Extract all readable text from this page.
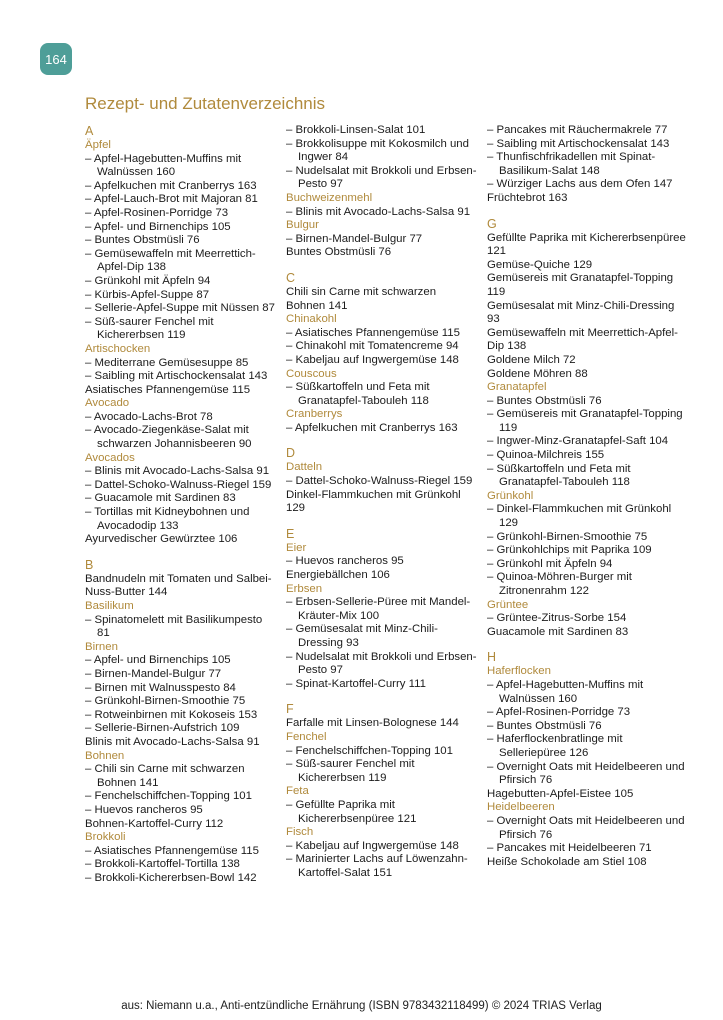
164
Rezept- und Zutatenverzeichnis
A
Äpfel
– Apfel-Hagebutten-Muffins mit Walnüssen 160
– Apfelkuchen mit Cranberrys 163
– Apfel-Lauch-Brot mit Majoran 81
– Apfel-Rosinen-Porridge 73
– Apfel- und Birnenchips 105
– Buntes Obstmüsli 76
– Gemüsewaffeln mit Meerrettich-Apfel-Dip 138
– Grünkohl mit Äpfeln 94
– Kürbis-Apfel-Suppe 87
– Sellerie-Apfel-Suppe mit Nüssen 87
– Süß-saurer Fenchel mit Kichererbsen 119
Artischocken
– Mediterrane Gemüsesuppe 85
– Saibling mit Artischockensalat 143
Asiatisches Pfannengemüse 115
Avocado
– Avocado-Lachs-Brot 78
– Avocado-Ziegenkäse-Salat mit schwarzen Johannisbeeren 90
Avocados
– Blinis mit Avocado-Lachs-Salsa 91
– Dattel-Schoko-Walnuss-Riegel 159
– Guacamole mit Sardinen 83
– Tortillas mit Kidneybohnen und Avocadodip 133
Ayurvedischer Gewürztee 106
B
Bandnudeln mit Tomaten und Salbei-Nuss-Butter 144
Basilikum
– Spinatomelett mit Basilikumpesto 81
Birnen
– Apfel- und Birnenchips 105
– Birnen-Mandel-Bulgur 77
– Birnen mit Walnusspesto 84
– Grünkohl-Birnen-Smoothie 75
– Rotweinbirnen mit Kokoseis 153
– Sellerie-Birnen-Aufstrich 109
Blinis mit Avocado-Lachs-Salsa 91
Bohnen
– Chili sin Carne mit schwarzen Bohnen 141
– Fenchelschiffchen-Topping 101
– Huevos rancheros 95
Bohnen-Kartoffel-Curry 112
Brokkoli
– Asiatisches Pfannengemüse 115
– Brokkoli-Kartoffel-Tortilla 138
– Brokkoli-Kichererbsen-Bowl 142
– Brokkoli-Linsen-Salat 101
– Brokkolisuppe mit Kokosmilch und Ingwer 84
– Nudelsalat mit Brokkoli und Erbsen-Pesto 97
Buchweizenmehl
– Blinis mit Avocado-Lachs-Salsa 91
Bulgur
– Birnen-Mandel-Bulgur 77
Buntes Obstmüsli 76
C
Chili sin Carne mit schwarzen Bohnen 141
Chinakohl
– Asiatisches Pfannengemüse 115
– Chinakohl mit Tomatencreme 94
– Kabeljau auf Ingwergemüse 148
Couscous
– Süßkartoffeln und Feta mit Granatapfel-Tabouleh 118
Cranberrys
– Apfelkuchen mit Cranberrys 163
D
Datteln
– Dattel-Schoko-Walnuss-Riegel 159
Dinkel-Flammkuchen mit Grünkohl 129
E
Eier
– Huevos rancheros 95
Energiebällchen 106
Erbsen
– Erbsen-Sellerie-Püree mit Mandel-Kräuter-Mix 100
– Gemüsesalat mit Minz-Chili-Dressing 93
– Nudelsalat mit Brokkoli und Erbsen-Pesto 97
– Spinat-Kartoffel-Curry 111
F
Farfalle mit Linsen-Bolognese 144
Fenchel
– Fenchelschiffchen-Topping 101
– Süß-saurer Fenchel mit Kichererbsen 119
Feta
– Gefüllte Paprika mit Kichererbsenpüree 121
Fisch
– Kabeljau auf Ingwergemüse 148
– Marinierter Lachs auf Löwenzahn-Kartoffel-Salat 151
– Pancakes mit Räuchermakrele 77
– Saibling mit Artischockensalat 143
– Thunfischfrikadellen mit Spinat-Basilikum-Salat 148
– Würziger Lachs aus dem Ofen 147
Früchtebrot 163
G
Gefüllte Paprika mit Kichererbsenpüree 121
Gemüse-Quiche 129
Gemüsereis mit Granatapfel-Topping 119
Gemüsesalat mit Minz-Chili-Dressing 93
Gemüsewaffeln mit Meerrettich-Apfel-Dip 138
Goldene Milch 72
Goldene Möhren 88
Granatapfel
– Buntes Obstmüsli 76
– Gemüsereis mit Granatapfel-Topping 119
– Ingwer-Minz-Granatapfel-Saft 104
– Quinoa-Milchreis 155
– Süßkartoffeln und Feta mit Granatapfel-Tabouleh 118
Grünkohl
– Dinkel-Flammkuchen mit Grünkohl 129
– Grünkohl-Birnen-Smoothie 75
– Grünkohlchips mit Paprika 109
– Grünkohl mit Äpfeln 94
– Quinoa-Möhren-Burger mit Zitronenrahm 122
Grüntee
– Grüntee-Zitrus-Sorbe 154
Guacamole mit Sardinen 83
H
Haferflocken
– Apfel-Hagebutten-Muffins mit Walnüssen 160
– Apfel-Rosinen-Porridge 73
– Buntes Obstmüsli 76
– Haferflockenbratlinge mit Selleriepüree 126
– Overnight Oats mit Heidelbeeren und Pfirsich 76
Hagebutten-Apfel-Eistee 105
Heidelbeeren
– Overnight Oats mit Heidelbeeren und Pfirsich 76
– Pancakes mit Heidelbeeren 71
Heiße Schokolade am Stiel 108
aus: Niemann u.a., Anti-entzündliche Ernährung (ISBN 9783432118499) © 2024 TRIAS Verlag
